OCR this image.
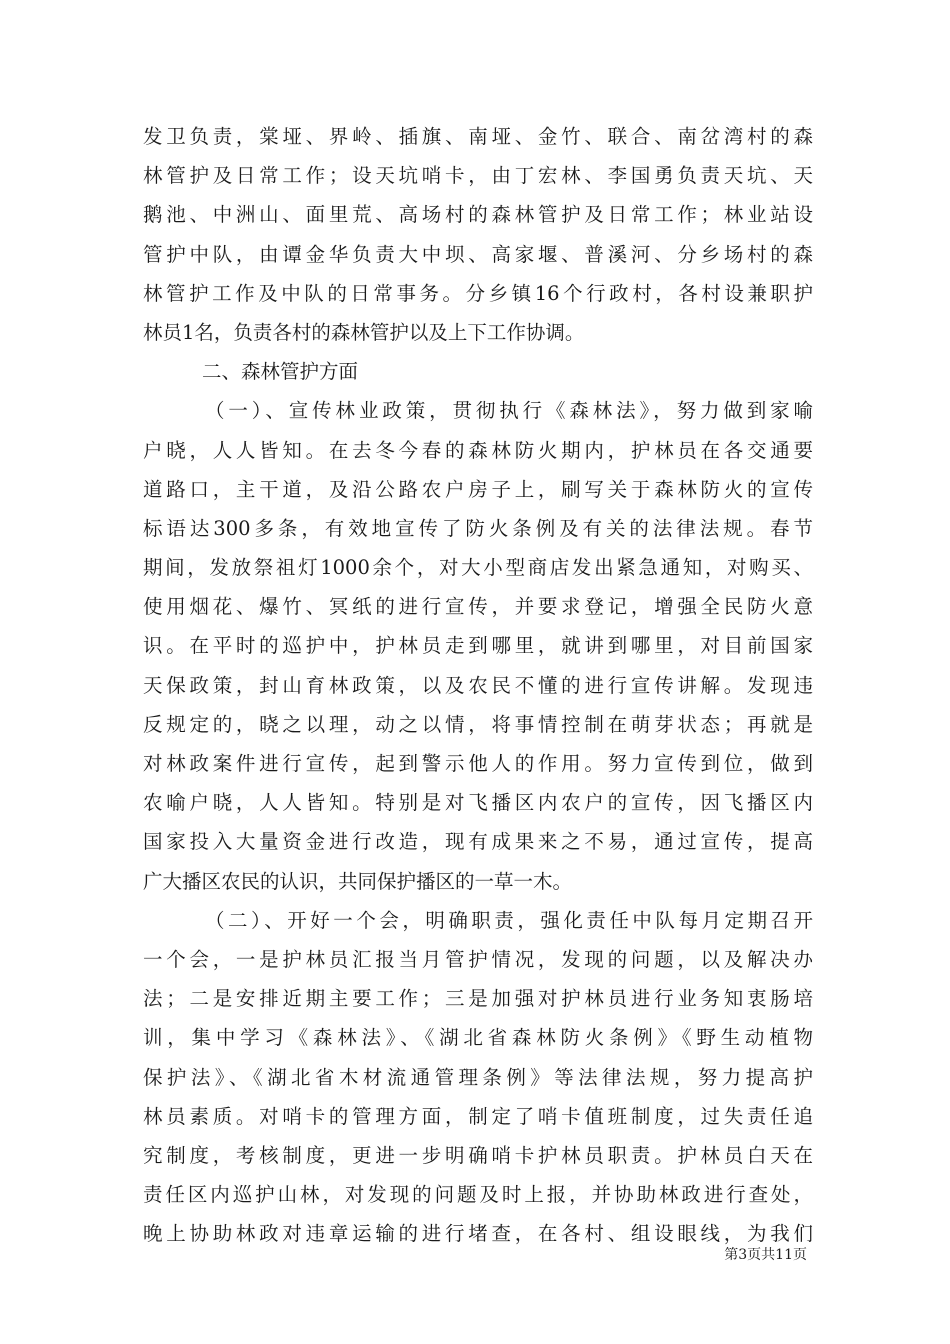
发卫负责，棠垭、界岭、插旗、南垭、金竹、联合、南岔湾村的森
林管护及日常工作；设天坑哨卡，由丁宏林、李国勇负责天坑、天
鹅池、中洲山、面里荒、高场村的森林管护及日常工作；林业站设
管护中队，由谭金华负责大中坝、高家堰、普溪河、分乡场村的森
林管护工作及中队的日常事务。分乡镇16个行政村，各村设兼职护
林员1名，负责各村的森林管护以及上下工作协调。
二、森林管护方面
（一）、宣传林业政策，贯彻执行《森林法》，努力做到家喻
户晓，人人皆知。在去冬今春的森林防火期内，护林员在各交通要
道路口，主干道，及沿公路农户房子上，刷写关于森林防火的宣传
标语达300多条，有效地宣传了防火条例及有关的法律法规。春节
期间，发放祭祖灯1000余个，对大小型商店发出紧急通知，对购买、
使用烟花、爆竹、冥纸的进行宣传，并要求登记，增强全民防火意
识。在平时的巡护中，护林员走到哪里，就讲到哪里，对目前国家
天保政策，封山育林政策，以及农民不懂的进行宣传讲解。发现违
反规定的，晓之以理，动之以情，将事情控制在萌芽状态；再就是
对林政案件进行宣传，起到警示他人的作用。努力宣传到位，做到
农喻户晓，人人皆知。特别是对飞播区内农户的宣传，因飞播区内
国家投入大量资金进行改造，现有成果来之不易，通过宣传，提高
广大播区农民的认识，共同保护播区的一草一木。
（二）、开好一个会，明确职责，强化责任中队每月定期召开
一个会，一是护林员汇报当月管护情况，发现的问题，以及解决办
法；二是安排近期主要工作；三是加强对护林员进行业务知衷肠培
训，集中学习《森林法》、《湖北省森林防火条例》《野生动植物
保护法》、《湖北省木材流通管理条例》等法律法规，努力提高护
林员素质。对哨卡的管理方面，制定了哨卡值班制度，过失责任追
究制度，考核制度，更进一步明确哨卡护林员职责。护林员白天在
责任区内巡护山林，对发现的问题及时上报，并协助林政进行查处，
晚上协助林政对违章运输的进行堵查，在各村、组设眼线，为我们
第3页共11页
